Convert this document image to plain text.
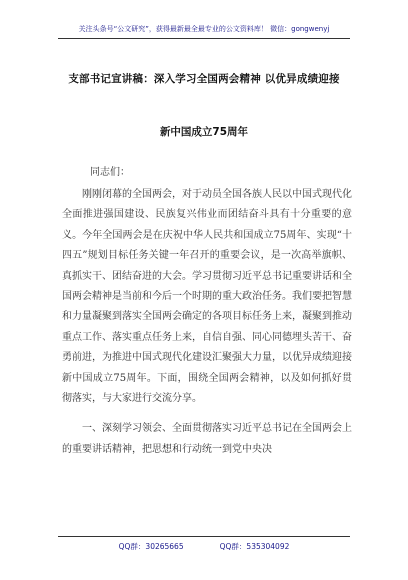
关注头条号“公文研究”，获得最新最全最专业的公文资料库！ 微信：gongwenyj
支部书记宣讲稿：深入学习全国两会精神 以优异成绩迎接
新中国成立75周年
同志们：

刚刚闭幕的全国两会，对于动员全国各族人民以中国式现代化全面推进强国建设、民族复兴伟业而团结奋斗具有十分重要的意义。今年全国两会是在庆祝中华人民共和国成立75周年、实现“十四五”规划目标任务关键一年召开的重要会议，是一次高举旗帜、真抓实干、团结奋进的大会。学习贯彻习近平总书记重要讲话和全国两会精神是当前和今后一个时期的重大政治任务。我们要把智慧和力量凝聚到落实全国两会确定的各项目标任务上来，凝聚到推动重点工作、落实重点任务上来，自信自强、同心同德埋头苦干、奋勇前进，为推进中国式现代化建设汇聚强大力量，以优异成绩迎接新中国成立75周年。下面，围绕全国两会精神，以及如何抓好贯彻落实，与大家进行交流分享。

一、深刻学习领会、全面贯彻落实习近平总书记在全国两会上的重要讲话精神，把思想和行动统一到党中央决

QQ群：30265665	QQ群：535304092
